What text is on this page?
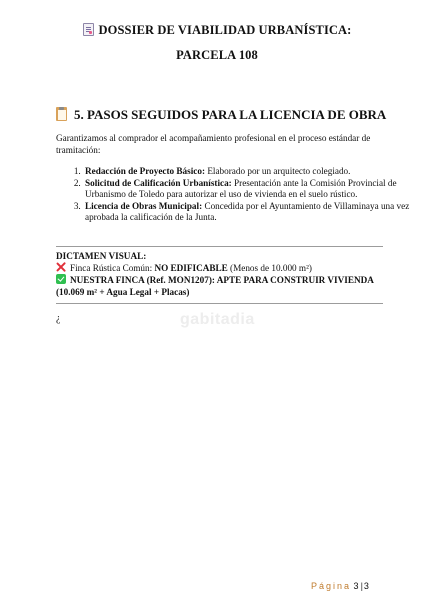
DOSSIER DE VIABILIDAD URBANÍSTICA:
PARCELA 108
5. PASOS SEGUIDOS PARA LA LICENCIA DE OBRA
Garantizamos al comprador el acompañamiento profesional en el proceso estándar de tramitación:
1. Redacción de Proyecto Básico: Elaborado por un arquitecto colegiado.
2. Solicitud de Calificación Urbanística: Presentación ante la Comisión Provincial de Urbanismo de Toledo para autorizar el uso de vivienda en el suelo rústico.
3. Licencia de Obras Municipal: Concedida por el Ayuntamiento de Villaminaya una vez aprobada la calificación de la Junta.
DICTAMEN VISUAL:
Finca Rústica Común: NO EDIFICABLE (Menos de 10.000 m²)
NUESTRA FINCA (Ref. MON1207): APTE PARA CONSTRUIR VIVIENDA (10.069 m² + Agua Legal + Placas)
gabitadia
¿
Página 3 |3
